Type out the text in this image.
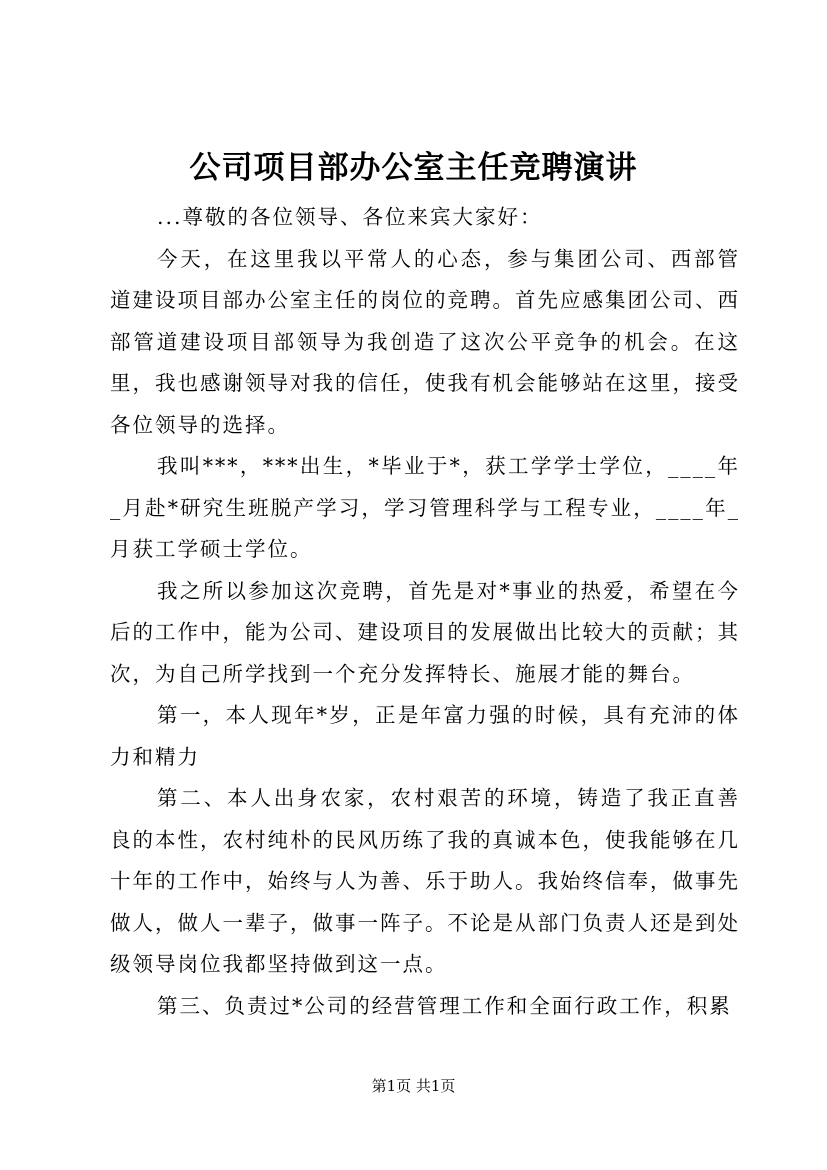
公司项目部办公室主任竞聘演讲

...尊敬的各位领导、各位来宾大家好：

今天，在这里我以平常人的心态，参与集团公司、西部管道建设项目部办公室主任的岗位的竞聘。首先应感集团公司、西部管道建设项目部领导为我创造了这次公平竞争的机会。在这里，我也感谢领导对我的信任，使我有机会能够站在这里，接受各位领导的选择。

我叫***，***出生，*毕业于*，获工学学士学位，____年_月赴*研究生班脱产学习，学习管理科学与工程专业，____年_月获工学硕士学位。

我之所以参加这次竞聘，首先是对*事业的热爱，希望在今后的工作中，能为公司、建设项目的发展做出比较大的贡献；其次，为自己所学找到一个充分发挥特长、施展才能的舞台。

第一，本人现年*岁，正是年富力强的时候，具有充沛的体力和精力

第二、本人出身农家，农村艰苦的环境，铸造了我正直善良的本性，农村纯朴的民风历练了我的真诚本色，使我能够在几十年的工作中，始终与人为善、乐于助人。我始终信奉，做事先做人，做人一辈子，做事一阵子。不论是从部门负责人还是到处级领导岗位我都坚持做到这一点。

第三、负责过*公司的经营管理工作和全面行政工作，积累

第1页 共1页
